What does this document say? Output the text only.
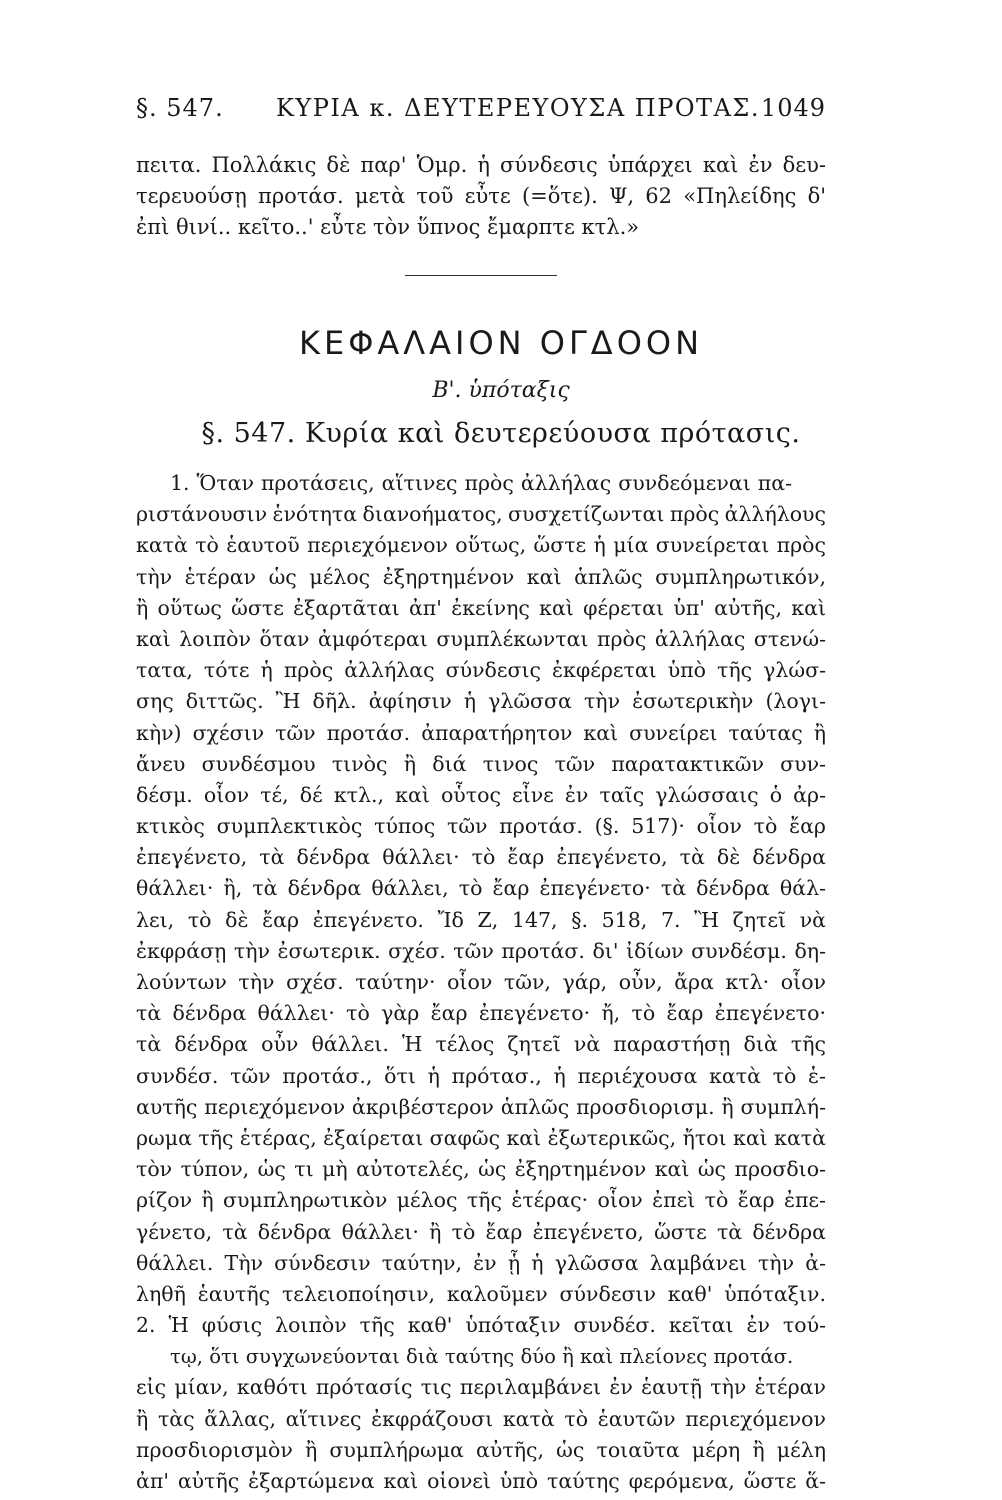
§. 547. ΚΥΡΙΑ κ. ΔΕΥΤΕΡΕΥΟΥΣΑ ΠΡΟΤΑΣ. 1049
πειτα. Πολλάκις δὲ παρ' Ὁμρ. ἡ σύνδεσις ὑπάρχει καὶ ἐν δευ-
τερευούσῃ προτάσ. μετὰ τοῦ εὖτε (=ὅτε). Ψ, 62 «Πηλείδης δ'
ἐπὶ θινί.. κεῖτο..' εὖτε τὸν ὕπνος ἔμαρπτε κτλ.»
ΚΕΦΑΛΑΙΟΝ ΟΓΔΟΟΝ
Β'. ὑπόταξις
§. 547. Κυρία καὶ δευτερεύουσα πρότασις.
1. Ὅταν προτάσεις, αἵτινες πρὸς ἀλλήλας συνδεόμεναι πα-
ριστάνουσιν ἑνότητα διανοήματος, συσχετίζωνται πρὸς ἀλλήλους
κατὰ τὸ ἑαυτοῦ περιεχόμενον οὕτως, ὥστε ἡ μία συνείρεται πρὸς
τὴν ἑτέραν ὡς μέλος ἐξηρτημένον καὶ ἁπλῶς συμπληρωτικόν,
ἢ οὕτως ὥστε ἐξαρτᾶται ἀπ' ἐκείνης καὶ φέρεται ὑπ' αὐτῆς, καὶ
καὶ λοιπὸν ὅταν ἀμφότεραι συμπλέκωνται πρὸς ἀλλήλας στενώ-
τατα, τότε ἡ πρὸς ἀλλήλας σύνδεσις ἐκφέρεται ὑπὸ τῆς γλώσ-
σης διττῶς. Ἢ δῆλ. ἀφίησιν ἡ γλῶσσα τὴν ἐσωτερικὴν (λογι-
κὴν) σχέσιν τῶν προτάσ. ἀπαρατήρητον καὶ συνείρει ταύτας ἢ
ἄνευ συνδέσμου τινὸς ἢ διά τινος τῶν παρατακτικῶν συν-
δέσμ. οἷον τέ, δέ κτλ., καὶ οὗτος εἶνε ἐν ταῖς γλώσσαις ὁ ἀρ-
κτικὸς συμπλεκτικὸς τύπος τῶν προτάσ. (§. 517)· οἷον τὸ ἔαρ
ἐπεγένετο, τὰ δένδρα θάλλει· τὸ ἔαρ ἐπεγένετο, τὰ δὲ δένδρα
θάλλει· ἢ, τὰ δένδρα θάλλει, τὸ ἔαρ ἐπεγένετο· τὰ δένδρα θάλ-
λει, τὸ δὲ ἔαρ ἐπεγένετο. Ἴδ Ζ, 147, §. 518, 7. Ἢ ζητεῖ νὰ
ἐκφράσῃ τὴν ἐσωτερικ. σχέσ. τῶν προτάσ. δι' ἰδίων συνδέσμ. δη-
λούντων τὴν σχέσ. ταύτην· οἷον τῶν, γάρ, οὖν, ἄρα κτλ· οἷον
τὰ δένδρα θάλλει· τὸ γὰρ ἔαρ ἐπεγένετο· ἤ, τὸ ἔαρ ἐπεγένετο·
τὰ δένδρα οὖν θάλλει. Ἡ τέλος ζητεῖ νὰ παραστήσῃ διὰ τῆς
συνδέσ. τῶν προτάσ., ὅτι ἡ πρότασ., ἡ περιέχουσα κατὰ τὸ ἑ-
αυτῆς περιεχόμενον ἀκριβέστερον ἁπλῶς προσδιορισμ. ἢ συμπλή-
ρωμα τῆς ἑτέρας, ἐξαίρεται σαφῶς καὶ ἐξωτερικῶς, ἤτοι καὶ κατὰ
τὸν τύπον, ὡς τι μὴ αὐτοτελές, ὡς ἐξηρτημένον καὶ ὡς προσδιο-
ρίζον ἢ συμπληρωτικὸν μέλος τῆς ἑτέρας· οἷον ἐπεὶ τὸ ἔαρ ἐπε-
γένετο, τὰ δένδρα θάλλει· ἢ τὸ ἔαρ ἐπεγένετο, ὥστε τὰ δένδρα
θάλλει. Τὴν σύνδεσιν ταύτην, ἐν ᾗ ἡ γλῶσσα λαμβάνει τὴν ἀ-
ληθῆ ἑαυτῆς τελειοποίησιν, καλοῦμεν σύνδεσιν καθ' ὑπόταξιν.
2. Ἡ φύσις λοιπὸν τῆς καθ' ὑπόταξιν συνδέσ. κεῖται ἐν τού-
τῳ, ὅτι συγχωνεύονται διὰ ταύτης δύο ἢ καὶ πλείονες προτάσ.
εἰς μίαν, καθότι πρότασίς τις περιλαμβάνει ἐν ἑαυτῇ τὴν ἑτέραν
ἢ τὰς ἄλλας, αἵτινες ἐκφράζουσι κατὰ τὸ ἑαυτῶν περιεχόμενον
προσδιορισμὸν ἢ συμπλήρωμα αὐτῆς, ὡς τοιαῦτα μέρη ἢ μέλη
ἀπ' αὐτῆς ἐξαρτώμενα καὶ οἱονεὶ ὑπὸ ταύτης φερόμενα, ὥστε ἅ-
